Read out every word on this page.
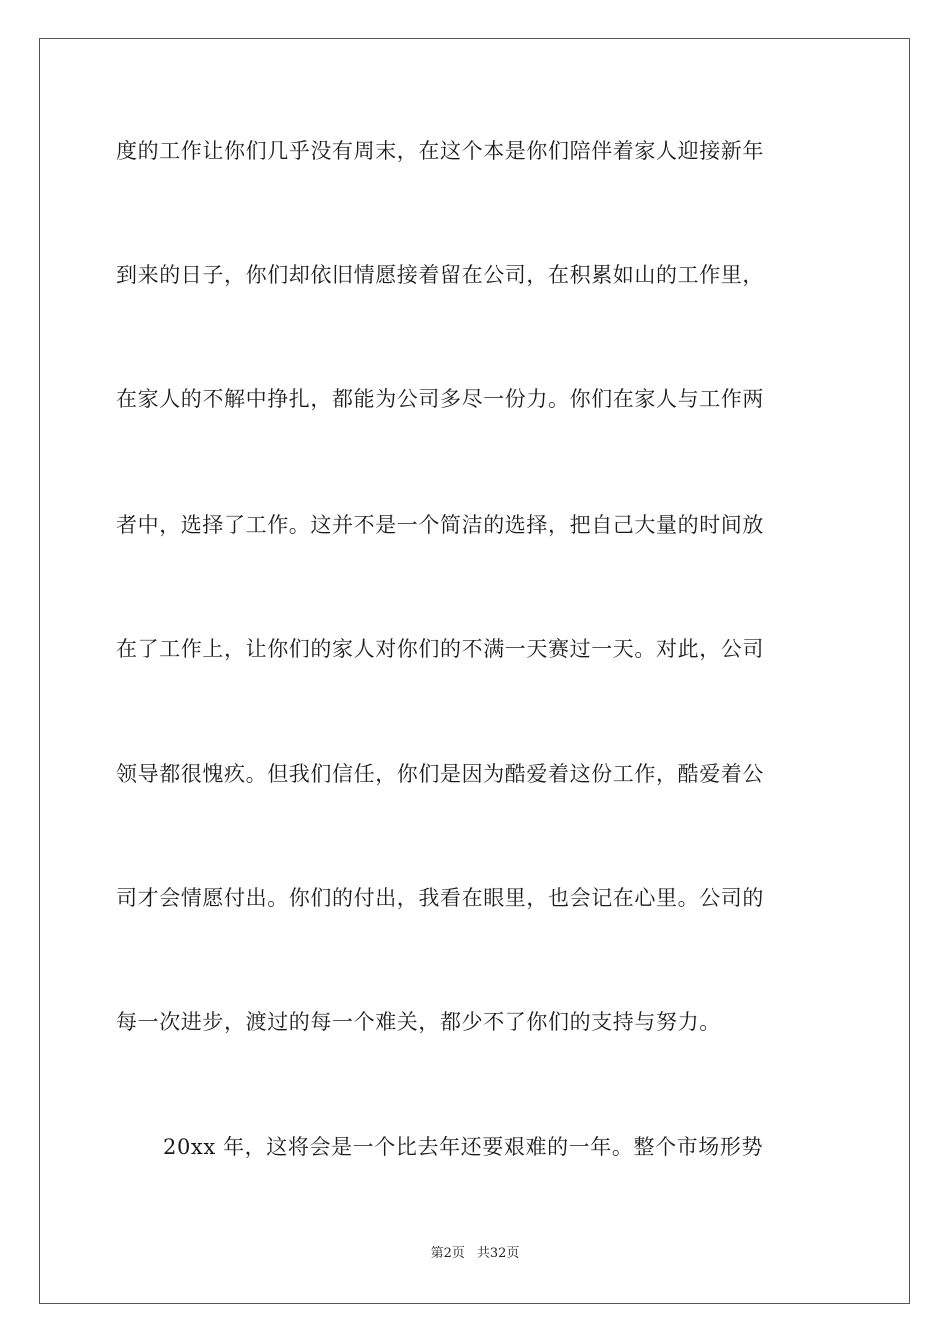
度的工作让你们几乎没有周末，在这个本是你们陪伴着家人迎接新年
到来的日子，你们却依旧情愿接着留在公司，在积累如山的工作里，
在家人的不解中挣扎，都能为公司多尽一份力。你们在家人与工作两
者中，选择了工作。这并不是一个简洁的选择，把自己大量的时间放
在了工作上，让你们的家人对你们的不满一天赛过一天。对此，公司
领导都很愧疚。但我们信任，你们是因为酷爱着这份工作，酷爱着公
司才会情愿付出。你们的付出，我看在眼里，也会记在心里。公司的
每一次进步，渡过的每一个难关，都少不了你们的支持与努力。
20xx 年，这将会是一个比去年还要艰难的一年。整个市场形势
第2页 共32页
